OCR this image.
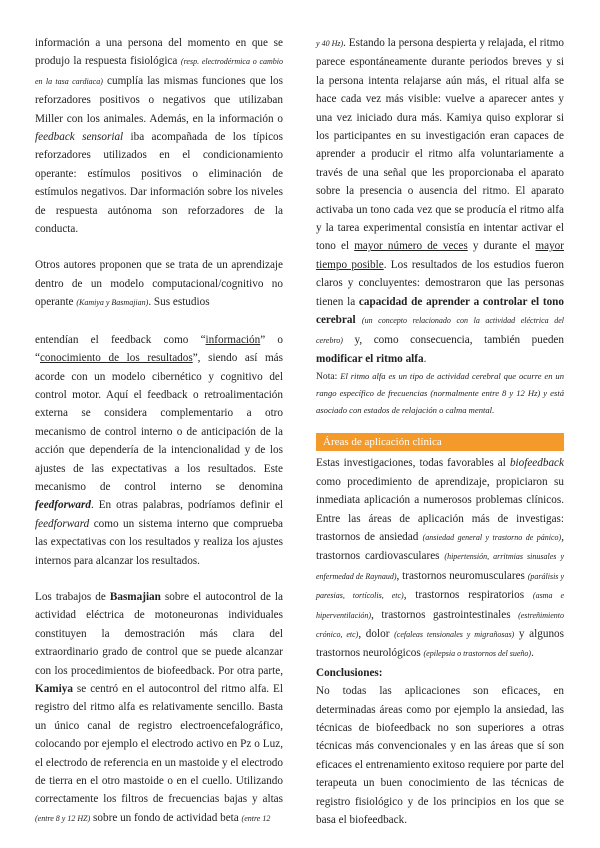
información a una persona del momento en que se produjo la respuesta fisiológica (resp. electrodérmica o cambio en la tasa cardiaca) cumplía las mismas funciones que los reforzadores positivos o negativos que utilizaban Miller con los animales. Además, en la información o feedback sensorial iba acompañada de los típicos reforzadores utilizados en el condicionamiento operante: estímulos positivos o eliminación de estímulos negativos. Dar información sobre los niveles de respuesta autónoma son reforzadores de la conducta.

Otros autores proponen que se trata de un aprendizaje dentro de un modelo computacional/cognitivo no operante (Kamiya y Basmajian). Sus estudios

entendían el feedback como “información” o “conocimiento de los resultados”, siendo así más acorde con un modelo cibernético y cognitivo del control motor. Aquí el feedback o retroalimentación externa se considera complementario a otro mecanismo de control interno o de anticipación de la acción que dependería de la intencionalidad y de los ajustes de las expectativas a los resultados. Este mecanismo de control interno se denomina feedforward. En otras palabras, podríamos definir el feedforward como un sistema interno que comprueba las expectativas con los resultados y realiza los ajustes internos para alcanzar los resultados.

Los trabajos de Basmajian sobre el autocontrol de la actividad eléctrica de motoneuronas individuales constituyen la demostración más clara del extraordinario grado de control que se puede alcanzar con los procedimientos de biofeedback. Por otra parte, Kamiya se centró en el autocontrol del ritmo alfa. El registro del ritmo alfa es relativamente sencillo. Basta un único canal de registro electroencefalográfico, colocando por ejemplo el electrodo activo en Pz o Luz, el electrodo de referencia en un mastoide y el electrodo de tierra en el otro mastoide o en el cuello. Utilizando correctamente los filtros de frecuencias bajas y altas (entre 8 y 12 HZ) sobre un fondo de actividad beta (entre 12

y 40 Hz). Estando la persona despierta y relajada, el ritmo parece espontáneamente durante periodos breves y si la persona intenta relajarse aún más, el ritual alfa se hace cada vez más visible: vuelve a aparecer antes y una vez iniciado dura más. Kamiya quiso explorar si los participantes en su investigación eran capaces de aprender a producir el ritmo alfa voluntariamente a través de una señal que les proporcionaba el aparato sobre la presencia o ausencia del ritmo. El aparato activaba un tono cada vez que se producía el ritmo alfa y la tarea experimental consistía en intentar activar el tono el mayor número de veces y durante el mayor tiempo posible. Los resultados de los estudios fueron claros y concluyentes: demostraron que las personas tienen la capacidad de aprender a controlar el tono cerebral (un concepto relacionado con la actividad eléctrica del cerebro) y, como consecuencia, también pueden modificar el ritmo alfa.

Nota: El ritmo alfa es un tipo de actividad cerebral que ocurre en un rango específico de frecuencias (normalmente entre 8 y 12 Hz) y está asociado con estados de relajación o calma mental.

Áreas de aplicación clínica

Estas investigaciones, todas favorables al biofeedback como procedimiento de aprendizaje, propiciaron su inmediata aplicación a numerosos problemas clínicos. Entre las áreas de aplicación más de investigas: trastornos de ansiedad (ansiedad general y trastorno de pánico), trastornos cardiovasculares (hipertensión, arritmias sinusales y enfermedad de Raynaud), trastornos neuromusculares (parálisis y paresias, tortícolis, etc), trastornos respiratorios (asma e hiperventilación), trastornos gastrointestinales (estreñimiento crónico, etc), dolor (cefaleas tensionales y migrañosas) y algunos trastornos neurológicos (epilepsia o trastornos del sueño).

Conclusiones:

No todas las aplicaciones son eficaces, en determinadas áreas como por ejemplo la ansiedad, las técnicas de biofeedback no son superiores a otras técnicas más convencionales y en las áreas que sí son eficaces el entrenamiento exitoso requiere por parte del terapeuta un buen conocimiento de las técnicas de registro fisiológico y de los principios en los que se basa el biofeedback.
